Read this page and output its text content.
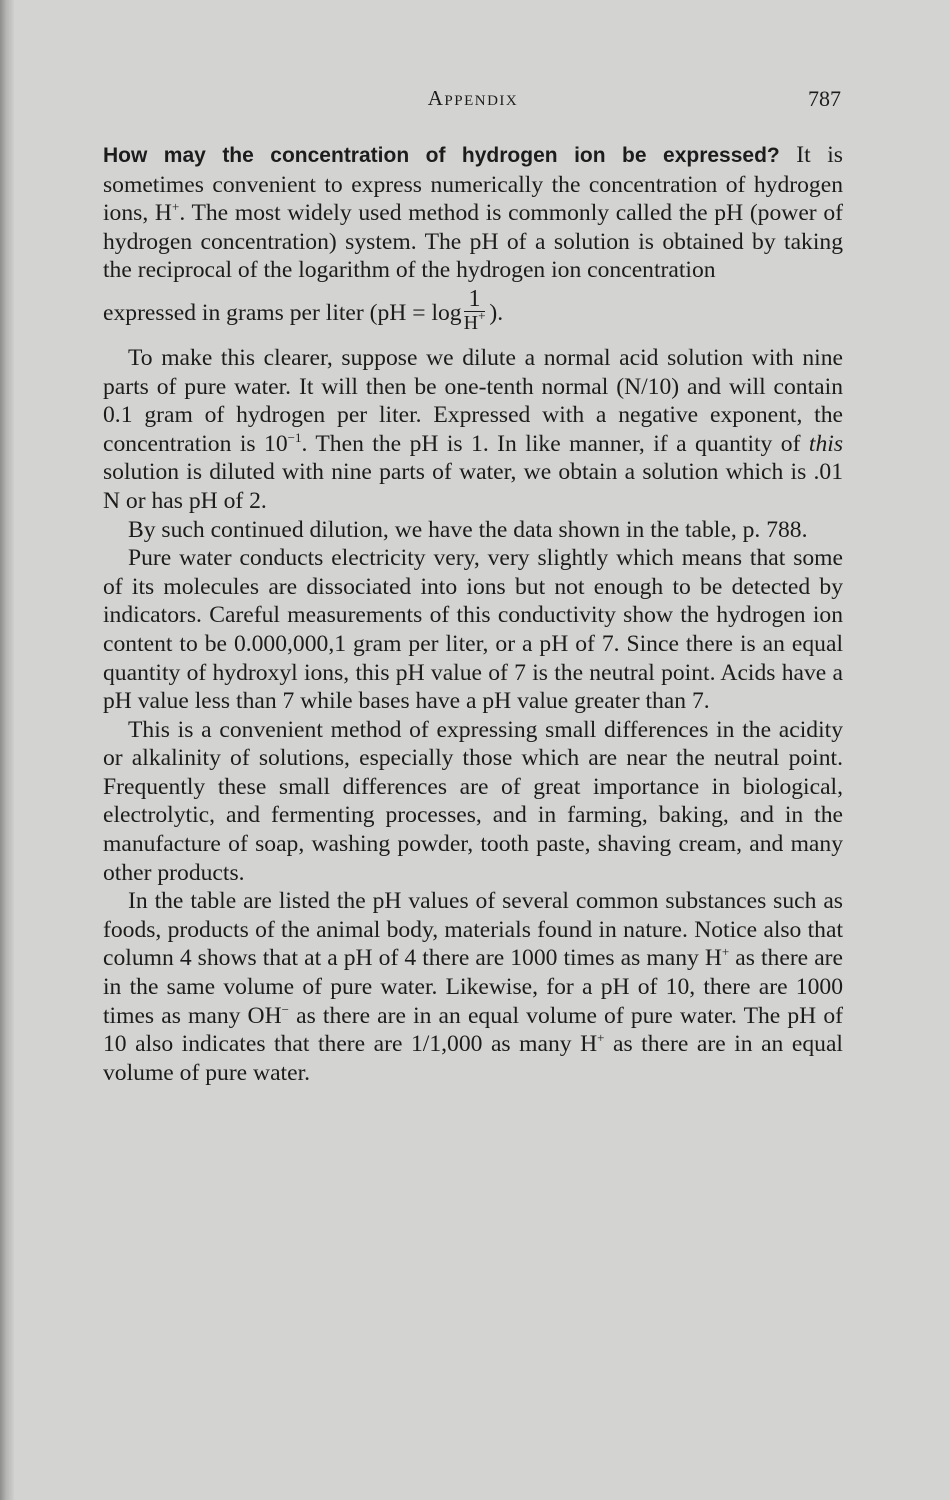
Appendix	787

How may the concentration of hydrogen ion be expressed? It is sometimes convenient to express numerically the concentration of hydrogen ions, H+. The most widely used method is commonly called the pH (power of hydrogen concentration) system. The pH of a solution is obtained by taking the reciprocal of the logarithm of the hydrogen ion concentration

expressed in grams per liter ($pH = \log \frac{1}{H^+}$ ).

To make this clearer, suppose we dilute a normal acid solution with nine parts of pure water. It will then be one-tenth normal (N/10) and will contain 0.1 gram of hydrogen per liter. Expressed with a negative exponent, the concentration is $10^{-1}$. Then the pH is 1. In like manner, if a quantity of this solution is diluted with nine parts of water, we obtain a solution which is .01 N or has pH of 2.

By such continued dilution, we have the data shown in the table, p. 788.

Pure water conducts electricity very, very slightly which means that some of its molecules are dissociated into ions but not enough to be detected by indicators. Careful measurements of this conductivity show the hydrogen ion content to be 0.000,000,1 gram per liter, or a pH of 7. Since there is an equal quantity of hydroxyl ions, this pH value of 7 is the neutral point. Acids have a pH value less than 7 while bases have a pH value greater than 7.

This is a convenient method of expressing small differences in the acidity or alkalinity of solutions, especially those which are near the neutral point. Frequently these small differences are of great importance in biological, electrolytic, and fermenting processes, and in farming, baking, and in the manufacture of soap, washing powder, tooth paste, shaving cream, and many other products.

In the table are listed the pH values of several common substances such as foods, products of the animal body, materials found in nature. Notice also that column 4 shows that at a pH of 4 there are 1000 times as many H+ as there are in the same volume of pure water. Likewise, for a pH of 10, there are 1000 times as many OH− as there are in an equal volume of pure water. The pH of 10 also indicates that there are 1/1,000 as many H+ as there are in an equal volume of pure water.
